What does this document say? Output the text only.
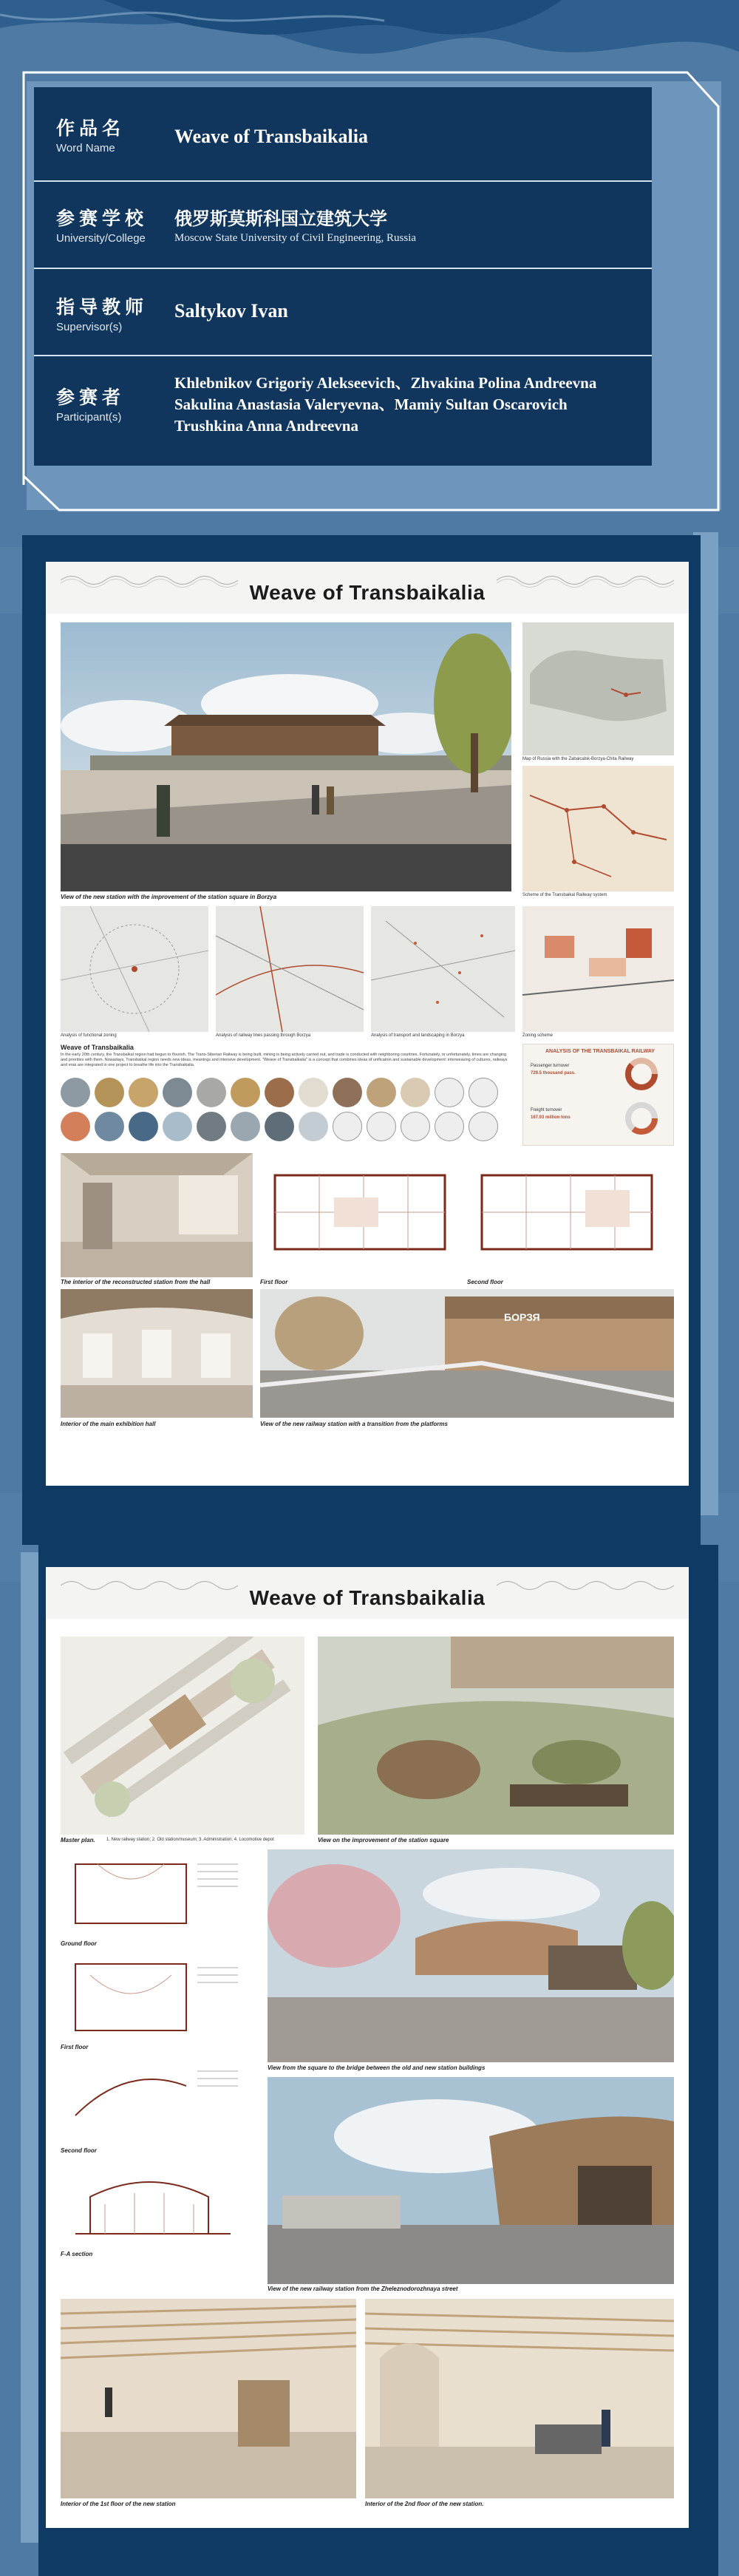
作品名
Word Name
Weave of Transbaikalia
参赛学校
University/College
俄罗斯莫斯科国立建筑大学
Moscow State University of Civil Engineering, Russia
指导教师
Supervisor(s)
Saltykov Ivan
参赛者
Participant(s)
Khlebnikov Grigoriy Alekseevich、Zhvakina Polina Andreevna
Sakulina Anastasia Valeryevna、Mamiy Sultan Oscarovich
Trushkina Anna Andreevna
Weave of Transbaikalia
View of the new station with the improvement of the station square in Borzya
Map of Russia with the Zabaicalsk-Borzya-Chita Railway
Scheme of the Transbaikal Railway system
Analysis of functional zoning	Analysis of railway lines passing through Borzya	Analysis of transport and landscaping in Borzya	Zoning scheme
Weave of Transbaikalia
In the early 20th century, the Transbaikal region had begun to flourish. The Trans-Siberian Railway is being built, mining is being actively carried out, and trade is conducted with neighboring countries. Fortunately, or unfortunately, times are changing and priorities with them. Nowadays, Transbaikal region needs new ideas, meanings and intensive development. "Weave of Transbaikalia" is a concept that combines ideas of unification and sustainable development: interweaving of cultures, railways and eras are integrated in one project to breathe life into the Transbaikalia.
ANALYSIS OF THE TRANSBAIKAL RAILWAY
Passenger turnover
729.5 thousand pass.
Freight turnover
167.03 million tons
The interior of the reconstructed station from the hall	First floor	Second floor
Interior of the main exhibition hall
БОРЗЯ
View of the new railway station with a transition from the platforms
Weave of Transbaikalia
Master plan.	1. New railway station; 2. Old station/museum; 3. Administration; 4. Locomotive depot	View on the improvement of the station square
Ground floor
First floor
Second floor
F-A section
View from the square to the bridge between the old and new station buildings
View of the new railway station from the Zheleznodorozhnaya street
Interior of the 1st floor of the new station	Interior of the 2nd floor of the new station.
